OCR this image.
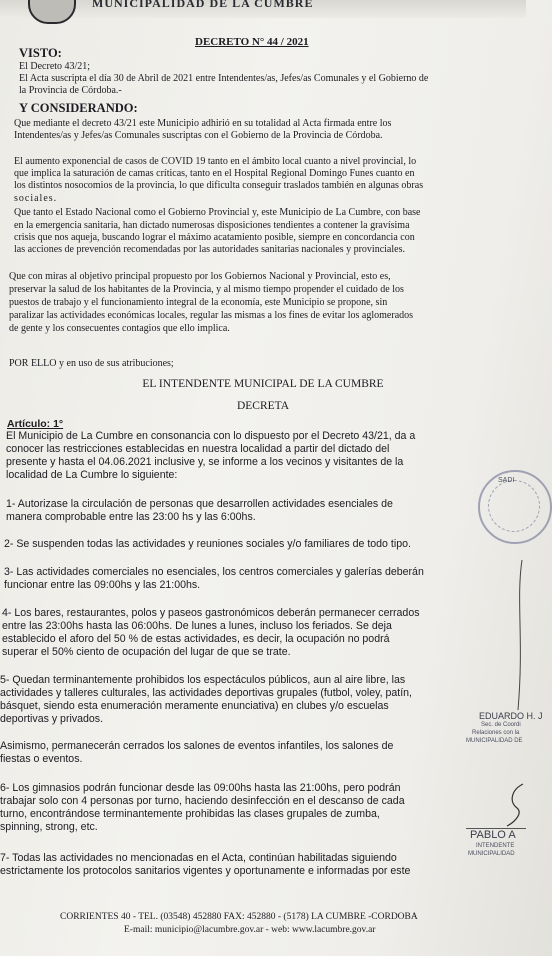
MUNICIPALIDAD DE LA CUMBRE
DECRETO N° 44 / 2021
VISTO:
El Decreto 43/21;
El Acta suscripta el día 30 de Abril de 2021 entre Intendentes/as, Jefes/as Comunales y el Gobierno de
la Provincia de Córdoba.-
Y CONSIDERANDO:
Que mediante el decreto 43/21 este Municipio adhirió en su totalidad al Acta firmada entre los
Intendentes/as y Jefes/as Comunales suscriptas con el Gobierno de la Provincia de Córdoba.
El aumento exponencial de casos de COVID 19 tanto en el ámbito local cuanto a nivel provincial, lo
que implica la saturación de camas críticas, tanto en el Hospital Regional Domingo Funes cuanto en
los distintos nosocomios de la provincia, lo que dificulta conseguir traslados también en algunas obras
sociales.
Que tanto el Estado Nacional como el Gobierno Provincial y, este Municipio de La Cumbre, con base
en la emergencia sanitaria, han dictado numerosas disposiciones tendientes a contener la gravísima
crisis que nos aqueja, buscando lograr el máximo acatamiento posible, siempre en concordancia con
las acciones de prevención recomendadas por las autoridades sanitarias nacionales y provinciales.
Que con miras al objetivo principal propuesto por los Gobiernos Nacional y Provincial, esto es,
preservar la salud de los habitantes de la Provincia, y al mismo tiempo propender el cuidado de los
puestos de trabajo y el funcionamiento integral de la economía, este Municipio se propone, sin
paralizar las actividades económicas locales, regular las mismas a los fines de evitar los aglomerados
de gente y los consecuentes contagios que ello implica.
POR ELLO y en uso de sus atribuciones;
EL INTENDENTE MUNICIPAL DE LA CUMBRE
DECRETA
Artículo: 1°
El Municipio de La Cumbre en consonancia con lo dispuesto por el Decreto 43/21, da a
conocer las restricciones establecidas en nuestra localidad a partir del dictado del
presente y hasta el 04.06.2021 inclusive y, se informe a los vecinos y visitantes de la
localidad de La Cumbre lo siguiente:
1- Autorizase la circulación de personas que desarrollen actividades esenciales de
manera comprobable entre las 23:00 hs y las 6:00hs.
2- Se suspenden todas las actividades y reuniones sociales y/o familiares de todo tipo.
3- Las actividades comerciales no esenciales, los centros comerciales y galerías deberán
funcionar entre las 09:00hs y las 21:00hs.
4- Los bares, restaurantes, polos y paseos gastronómicos deberán permanecer cerrados
entre las 23:00hs hasta las 06:00hs. De lunes a lunes, incluso los feriados. Se deja
establecido el aforo del 50 % de estas actividades, es decir, la ocupación no podrá
superar el 50% ciento de ocupación del lugar de que se trate.
5- Quedan terminantemente prohibidos los espectáculos públicos, aun al aire libre, las
actividades y talleres culturales, las actividades deportivas grupales (futbol, voley, patín,
básquet, siendo esta enumeración meramente enunciativa) en clubes y/o escuelas
deportivas y privados.
Asimismo, permanecerán cerrados los salones de eventos infantiles, los salones de
fiestas o eventos.
6- Los gimnasios podrán funcionar desde las 09:00hs hasta las 21:00hs, pero podrán
trabajar solo con 4 personas por turno, haciendo desinfección en el descanso de cada
turno, encontrándose terminantemente prohibidas las clases grupales de zumba,
spinning, strong, etc.
7- Todas las actividades no mencionadas en el Acta, continúan habilitadas siguiendo
estrictamente los protocolos sanitarios vigentes y oportunamente e informadas por este
SADI
EDUARDO H. J
Sec. de Coordi
Relaciones con la
MUNICIPALIDAD DE
PABLO A
INTENDENTE
MUNICIPALIDAD
CORRIENTES 40 - TEL. (03548) 452880 FAX: 452880 - (5178) LA CUMBRE -CORDOBA
E-mail: municipio@lacumbre.gov.ar - web: www.lacumbre.gov.ar
